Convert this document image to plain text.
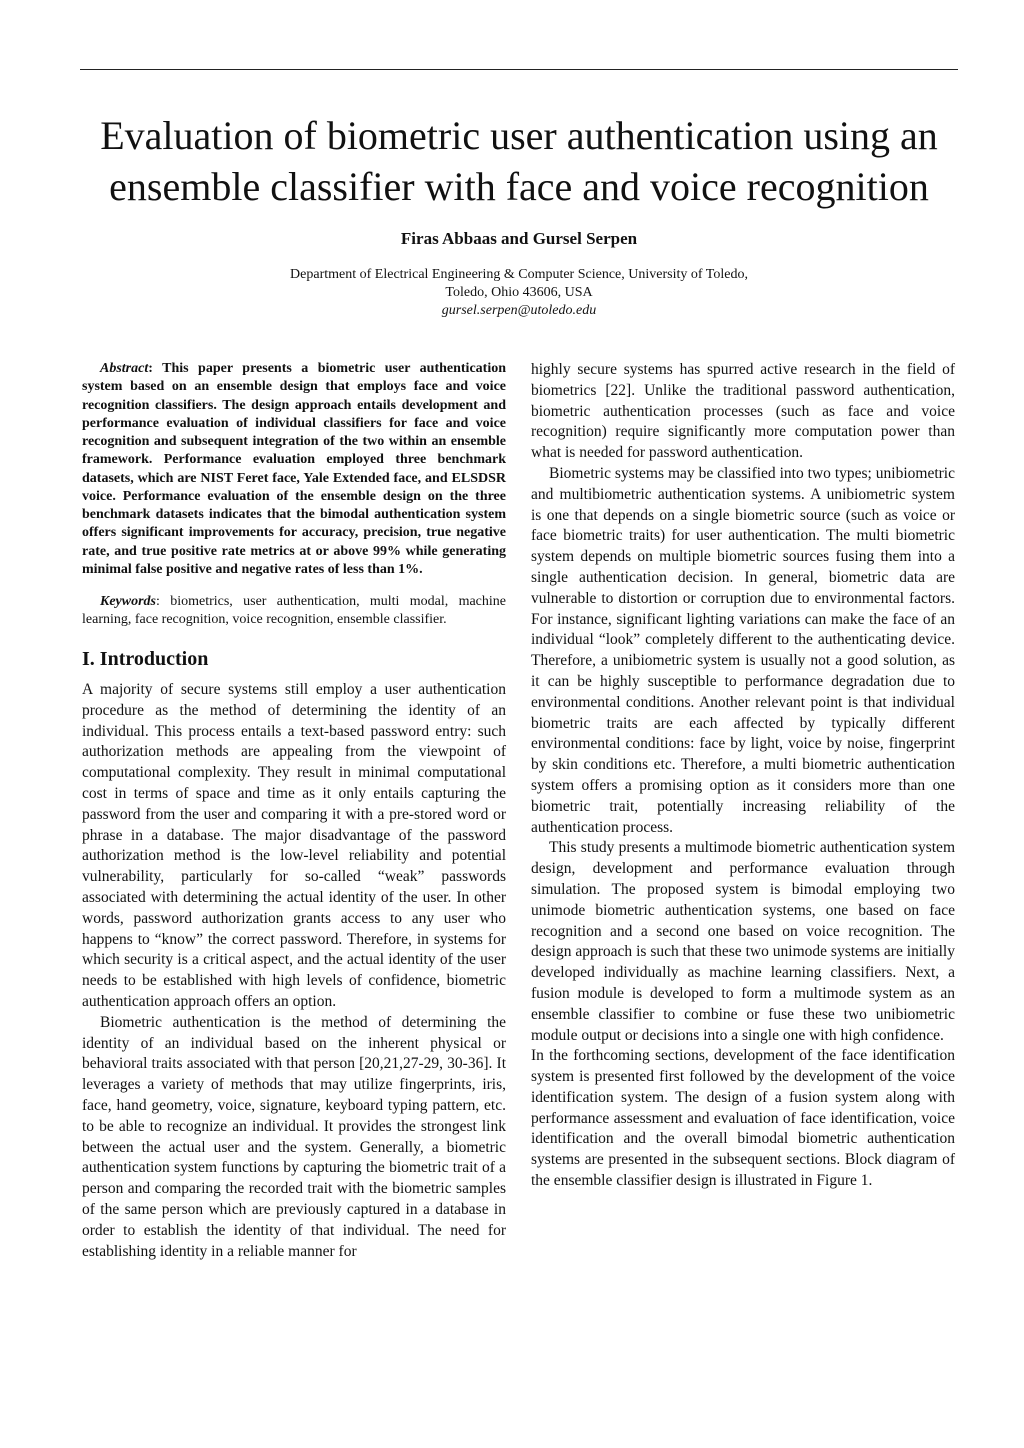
Evaluation of biometric user authentication using an ensemble classifier with face and voice recognition

Firas Abbaas and Gursel Serpen

Department of Electrical Engineering & Computer Science, University of Toledo,
Toledo, Ohio 43606, USA
gursel.serpen@utoledo.edu

Abstract: This paper presents a biometric user authentication system based on an ensemble design that employs face and voice recognition classifiers. The design approach entails development and performance evaluation of individual classifiers for face and voice recognition and subsequent integration of the two within an ensemble framework. Performance evaluation employed three benchmark datasets, which are NIST Feret face, Yale Extended face, and ELSDSR voice. Performance evaluation of the ensemble design on the three benchmark datasets indicates that the bimodal authentication system offers significant improvements for accuracy, precision, true negative rate, and true positive rate metrics at or above 99% while generating minimal false positive and negative rates of less than 1%.

Keywords: biometrics, user authentication, multi modal, machine learning, face recognition, voice recognition, ensemble classifier.

I. Introduction

A majority of secure systems still employ a user authentication procedure as the method of determining the identity of an individual. This process entails a text-based password entry: such authorization methods are appealing from the viewpoint of computational complexity. They result in minimal computational cost in terms of space and time as it only entails capturing the password from the user and comparing it with a pre-stored word or phrase in a database. The major disadvantage of the password authorization method is the low-level reliability and potential vulnerability, particularly for so-called “weak” passwords associated with determining the actual identity of the user. In other words, password authorization grants access to any user who happens to “know” the correct password. Therefore, in systems for which security is a critical aspect, and the actual identity of the user needs to be established with high levels of confidence, biometric authentication approach offers an option.

Biometric authentication is the method of determining the identity of an individual based on the inherent physical or behavioral traits associated with that person [20,21,27-29, 30-36]. It leverages a variety of methods that may utilize fingerprints, iris, face, hand geometry, voice, signature, keyboard typing pattern, etc. to be able to recognize an individual. It provides the strongest link between the actual user and the system. Generally, a biometric authentication system functions by capturing the biometric trait of a person and comparing the recorded trait with the biometric samples of the same person which are previously captured in a database in order to establish the identity of that individual. The need for establishing identity in a reliable manner for

highly secure systems has spurred active research in the field of biometrics [22]. Unlike the traditional password authentication, biometric authentication processes (such as face and voice recognition) require significantly more computation power than what is needed for password authentication.

Biometric systems may be classified into two types; unibiometric and multibiometric authentication systems. A unibiometric system is one that depends on a single biometric source (such as voice or face biometric traits) for user authentication. The multi biometric system depends on multiple biometric sources fusing them into a single authentication decision. In general, biometric data are vulnerable to distortion or corruption due to environmental factors. For instance, significant lighting variations can make the face of an individual “look” completely different to the authenticating device. Therefore, a unibiometric system is usually not a good solution, as it can be highly susceptible to performance degradation due to environmental conditions. Another relevant point is that individual biometric traits are each affected by typically different environmental conditions: face by light, voice by noise, fingerprint by skin conditions etc. Therefore, a multi biometric authentication system offers a promising option as it considers more than one biometric trait, potentially increasing reliability of the authentication process.

This study presents a multimode biometric authentication system design, development and performance evaluation through simulation. The proposed system is bimodal employing two unimode biometric authentication systems, one based on face recognition and a second one based on voice recognition. The design approach is such that these two unimode systems are initially developed individually as machine learning classifiers. Next, a fusion module is developed to form a multimode system as an ensemble classifier to combine or fuse these two unibiometric module output or decisions into a single one with high confidence.

In the forthcoming sections, development of the face identification system is presented first followed by the development of the voice identification system. The design of a fusion system along with performance assessment and evaluation of face identification, voice identification and the overall bimodal biometric authentication systems are presented in the subsequent sections. Block diagram of the ensemble classifier design is illustrated in Figure 1.
